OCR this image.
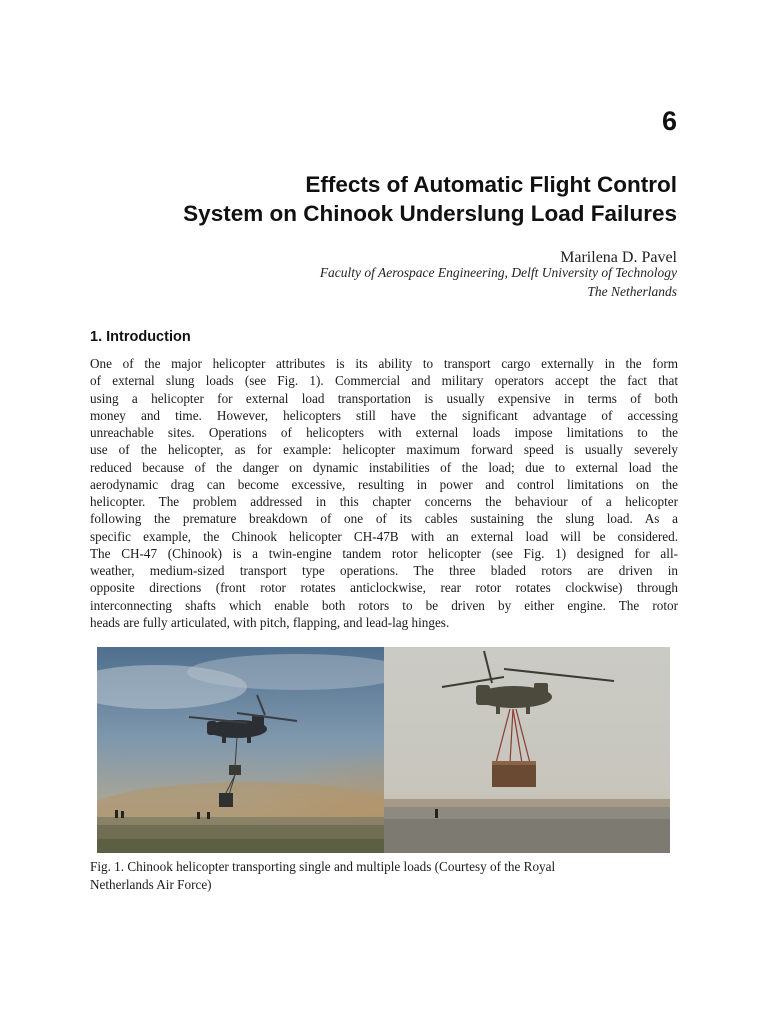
6
Effects of Automatic Flight Control
System on Chinook Underslung Load Failures
Marilena D. Pavel
Faculty of Aerospace Engineering, Delft University of Technology
The Netherlands
1. Introduction
One of the major helicopter attributes is its ability to transport cargo externally in the form
of external slung loads (see Fig. 1). Commercial and military operators accept the fact that
using a helicopter for external load transportation is usually expensive in terms of both
money and time. However, helicopters still have the significant advantage of accessing
unreachable sites. Operations of helicopters with external loads impose limitations to the
use of the helicopter, as for example: helicopter maximum forward speed is usually severely
reduced because of the danger on dynamic instabilities of the load; due to external load the
aerodynamic drag can become excessive, resulting in power and control limitations on the
helicopter. The problem addressed in this chapter concerns the behaviour of a helicopter
following the premature breakdown of one of its cables sustaining the slung load. As a
specific example, the Chinook helicopter CH-47B with an external load will be considered.
The CH-47 (Chinook) is a twin-engine tandem rotor helicopter (see Fig. 1) designed for all-
weather, medium-sized transport type operations. The three bladed rotors are driven in
opposite directions (front rotor rotates anticlockwise, rear rotor rotates clockwise) through
interconnecting shafts which enable both rotors to be driven by either engine. The rotor
heads are fully articulated, with pitch, flapping, and lead-lag hinges.
Fig. 1. Chinook helicopter transporting single and multiple loads (Courtesy of the Royal
Netherlands Air Force)
